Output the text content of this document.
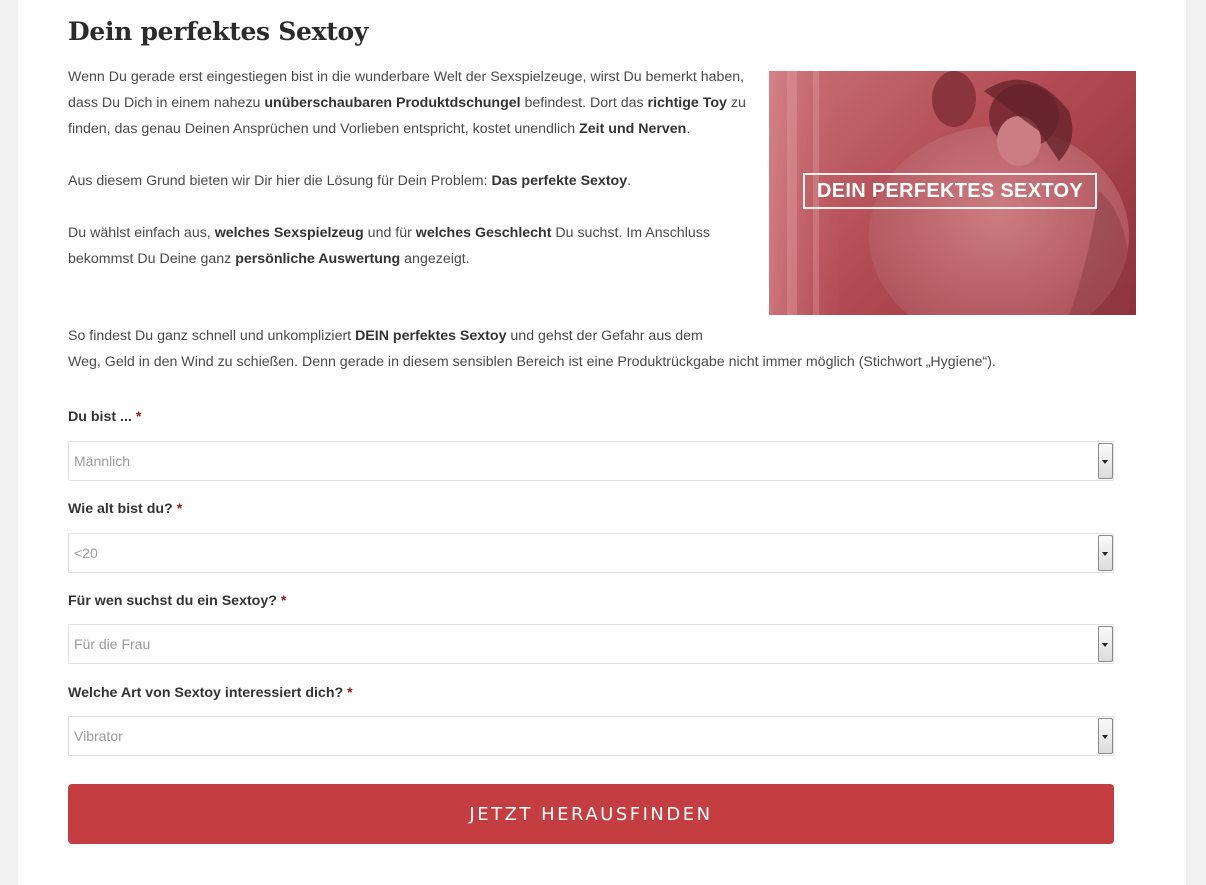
Dein perfektes Sextoy

Wenn Du gerade erst eingestiegen bist in die wunderbare Welt der Sexspielzeuge, wirst Du bemerkt haben, dass Du Dich in einem nahezu unüberschaubaren Produktdschungel befindest. Dort das richtige Toy zu finden, das genau Deinen Ansprüchen und Vorlieben entspricht, kostet unendlich Zeit und Nerven.

Aus diesem Grund bieten wir Dir hier die Lösung für Dein Problem: Das perfekte Sextoy.

Du wählst einfach aus, welches Sexspielzeug und für welches Geschlecht Du suchst. Im Anschluss bekommst Du Deine ganz persönliche Auswertung angezeigt.

So findest Du ganz schnell und unkompliziert DEIN perfektes Sextoy und gehst der Gefahr aus dem
Weg, Geld in den Wind zu schießen. Denn gerade in diesem sensiblen Bereich ist eine Produktrückgabe nicht immer möglich (Stichwort „Hygiene“).
DEIN PERFEKTES SEXTOY
Du bist ... *
Männlich
Wie alt bist du? *
<20
Für wen suchst du ein Sextoy? *
Für die Frau
Welche Art von Sextoy interessiert dich? *
Vibrator
JETZT HERAUSFINDEN
